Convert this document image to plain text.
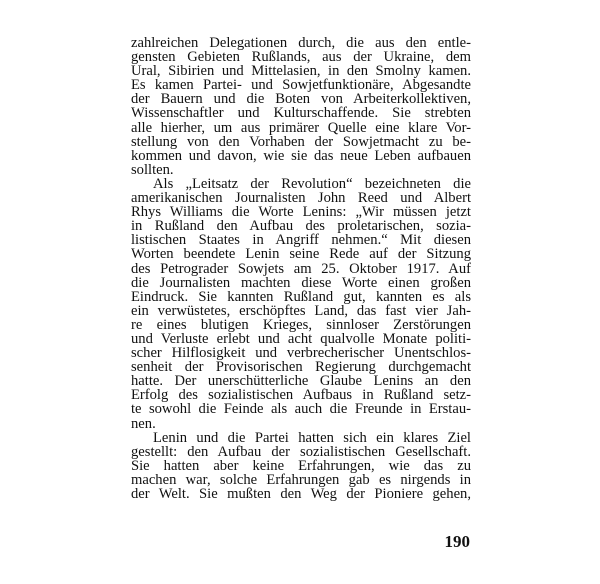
zahlreichen Delegationen durch, die aus den entle-
gensten Gebieten Rußlands, aus der Ukraine, dem
Ural, Sibirien und Mittelasien, in den Smolny kamen.
Es kamen Partei- und Sowjetfunktionäre, Abgesandte
der Bauern und die Boten von Arbeiterkollektiven,
Wissenschaftler und Kulturschaffende. Sie strebten
alle hierher, um aus primärer Quelle eine klare Vor-
stellung von den Vorhaben der Sowjetmacht zu be-
kommen und davon, wie sie das neue Leben aufbauen
sollten.
Als „Leitsatz der Revolution“ bezeichneten die
amerikanischen Journalisten John Reed und Albert
Rhys Williams die Worte Lenins: „Wir müssen jetzt
in Rußland den Aufbau des proletarischen, sozia-
listischen Staates in Angriff nehmen.“ Mit diesen
Worten beendete Lenin seine Rede auf der Sitzung
des Petrograder Sowjets am 25. Oktober 1917. Auf
die Journalisten machten diese Worte einen großen
Eindruck. Sie kannten Rußland gut, kannten es als
ein verwüstetes, erschöpftes Land, das fast vier Jah-
re eines blutigen Krieges, sinnloser Zerstörungen
und Verluste erlebt und acht qualvolle Monate politi-
scher Hilflosigkeit und verbrecherischer Unentschlos-
senheit der Provisorischen Regierung durchgemacht
hatte. Der unerschütterliche Glaube Lenins an den
Erfolg des sozialistischen Aufbaus in Rußland setz-
te sowohl die Feinde als auch die Freunde in Erstau-
nen.
Lenin und die Partei hatten sich ein klares Ziel
gestellt: den Aufbau der sozialistischen Gesellschaft.
Sie hatten aber keine Erfahrungen, wie das zu
machen war, solche Erfahrungen gab es nirgends in
der Welt. Sie mußten den Weg der Pioniere gehen,
190
